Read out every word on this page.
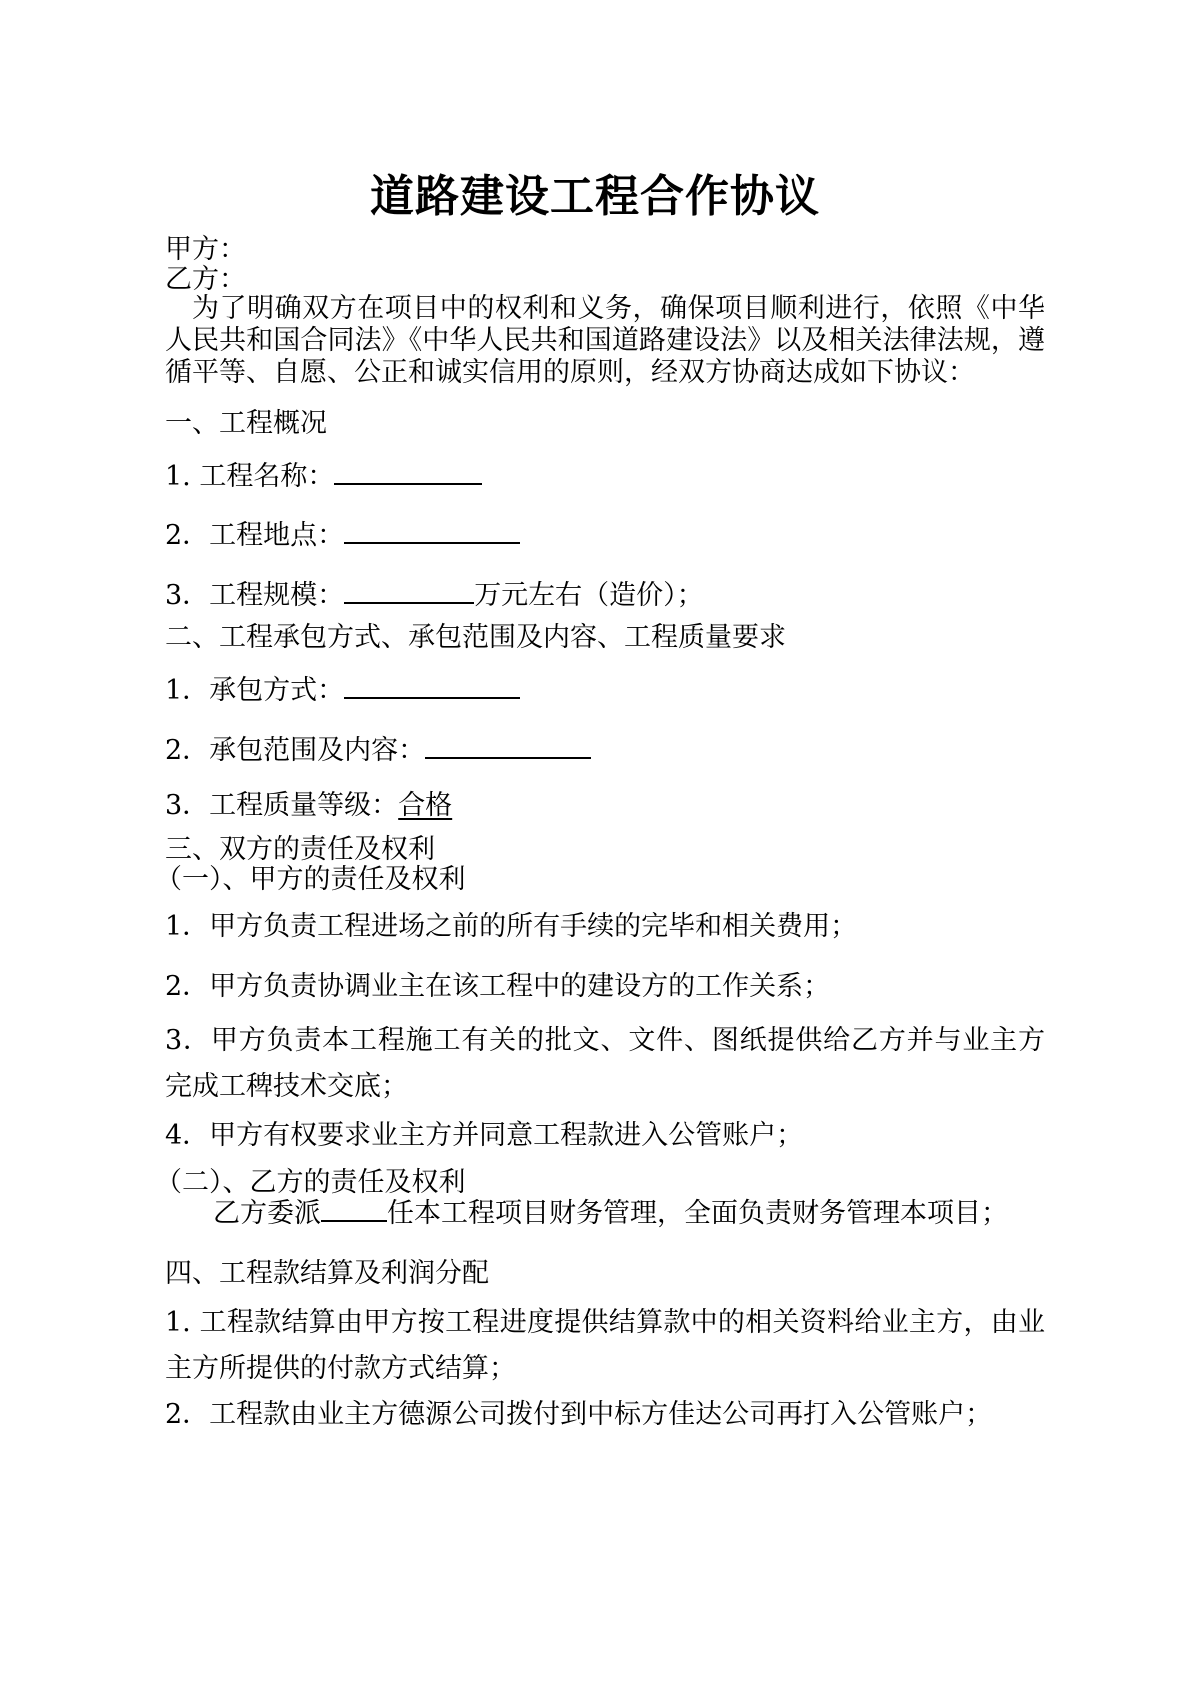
道路建设工程合作协议

甲方：

乙方：

为了明确双方在项目中的权利和义务，确保项目顺利进行，依照《中华人民共和国合同法》《中华人民共和国道路建设法》以及相关法律法规，遵循平等、自愿、公正和诚实信用的原则，经双方协商达成如下协议：

一、工程概况

1. 工程名称：

2．工程地点：

3．工程规模：	万元左右（造价）；

二、工程承包方式、承包范围及内容、工程质量要求

1．承包方式：

2．承包范围及内容：

3．工程质量等级：合格

三、双方的责任及权利

（一）、甲方的责任及权利

1．甲方负责工程进场之前的所有手续的完毕和相关费用；

2．甲方负责协调业主在该工程中的建设方的工作关系；

3．甲方负责本工程施工有关的批文、文件、图纸提供给乙方并与业主方完成工稗技术交底；

4．甲方有权要求业主方并同意工程款进入公管账户；

（二）、乙方的责任及权利

乙方委派 任本工程项目财务管理，全面负责财务管理本项目；

四、工程款结算及利润分配

1. 工程款结算由甲方按工程进度提供结算款中的相关资料给业主方，由业主方所提供的付款方式结算；

2．工程款由业主方德源公司拨付到中标方佳达公司再打入公管账户；
